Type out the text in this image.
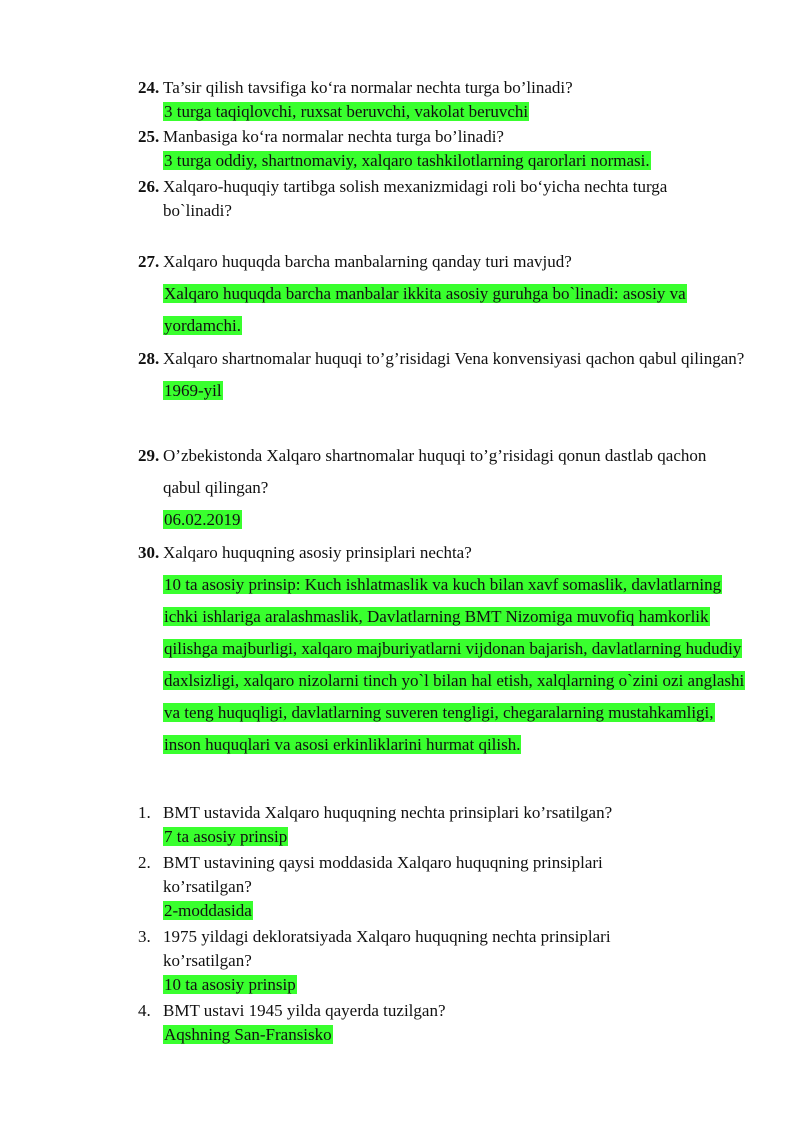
24. Ta’sir qilish tavsifiga ko‘ra normalar nechta turga bo’linadi?
3 turga taqiqlovchi, ruxsat beruvchi, vakolat beruvchi
25. Manbasiga ko‘ra normalar nechta turga bo’linadi?
3 turga oddiy, shartnomaviy, xalqaro tashkilotlarning qarorlari normasi.
26. Xalqaro-huquqiy tartibga solish mexanizmidagi roli bo‘yicha nechta turga bo`linadi?
27. Xalqaro huquqda barcha manbalarning qanday turi mavjud?
Xalqaro huquqda barcha manbalar ikkita asosiy guruhga bo`linadi: asosiy va yordamchi.
28. Xalqaro shartnomalar huquqi to’g’risidagi Vena konvensiyasi qachon qabul qilingan?
1969-yil
29. O’zbekistonda Xalqaro shartnomalar huquqi to’g’risidagi qonun dastlab qachon qabul qilingan?
06.02.2019
30. Xalqaro huquqning asosiy prinsiplari nechta?
10 ta asosiy prinsip: Kuch ishlatmaslik va kuch bilan xavf somaslik, davlatlarning ichki ishlariga aralashmaslik, Davlatlarning BMT Nizomiga muvofiq hamkorlik qilishga majburligi, xalqaro majburiyatlarni vijdonan bajarish, davlatlarning hududiy daxlsizligi, xalqaro nizolarni tinch yo`l bilan hal etish, xalqlarning o`zini ozi anglashi va teng huquqligi, davlatlarning suveren tengligi, chegaralarning mustahkamligi, inson huquqlari va asosi erkinliklarini hurmat qilish.
1. BMT ustavida Xalqaro huquqning nechta prinsiplari ko’rsatilgan?
7 ta asosiy prinsip
2. BMT ustavining qaysi moddasida Xalqaro huquqning prinsiplari ko’rsatilgan?
2-moddasida
3. 1975 yildagi dekloratsiyada Xalqaro huquqning nechta prinsiplari ko’rsatilgan?
10 ta asosiy prinsip
4. BMT ustavi 1945 yilda qayerda tuzilgan?
Aqshning San-Fransisko
